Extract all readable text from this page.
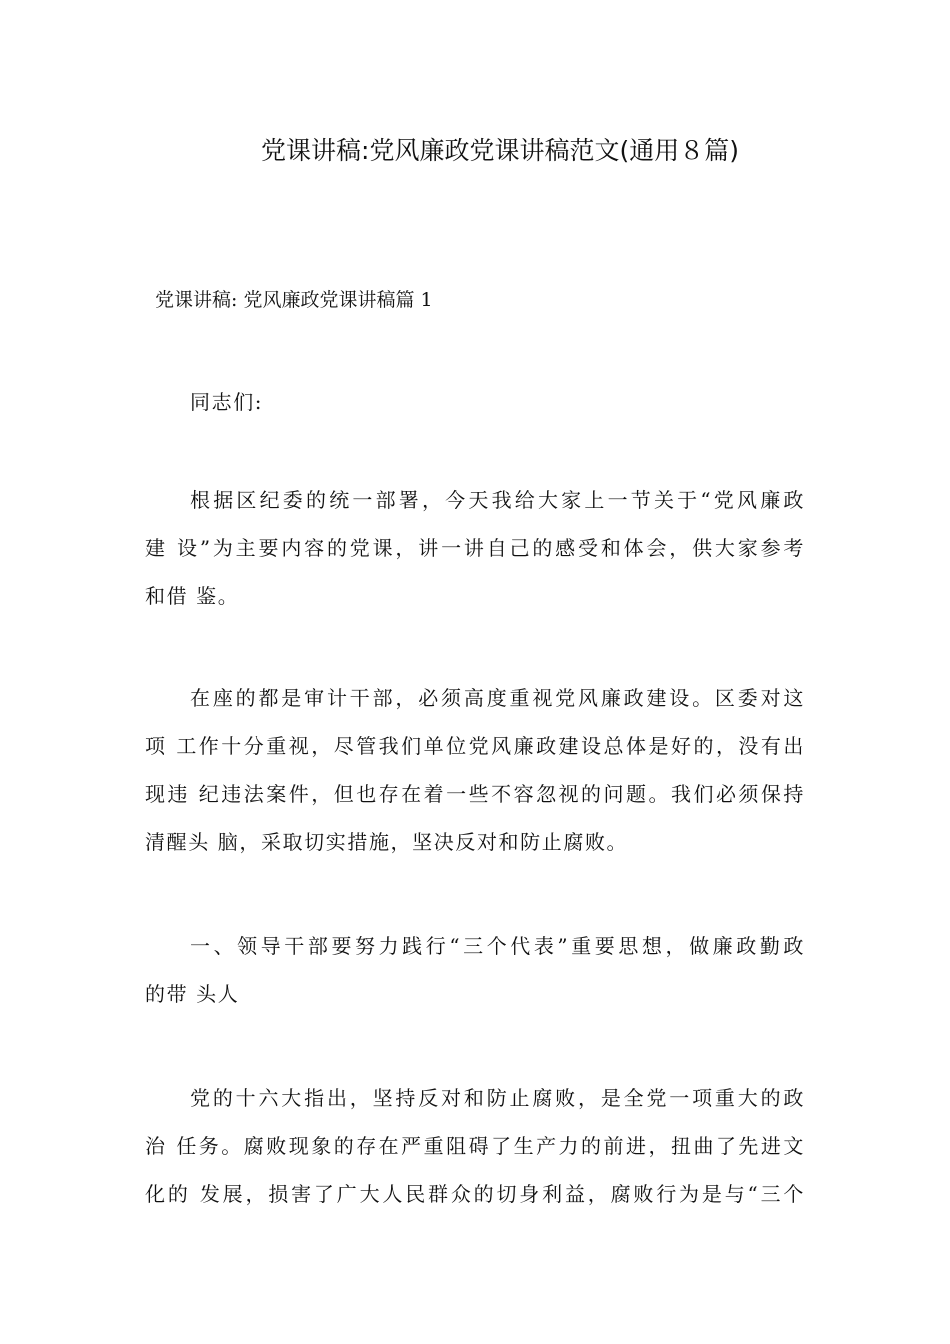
党课讲稿:党风廉政党课讲稿范文(通用８篇)
党课讲稿: 党风廉政党课讲稿篇 1
同志们:
根据区纪委的统一部署，今天我给大家上一节关于“党风廉政
建 设”为主要内容的党课，讲一讲自己的感受和体会，供大家参考
和借 鉴。
在座的都是审计干部，必须高度重视党风廉政建设。区委对这
项 工作十分重视，尽管我们单位党风廉政建设总体是好的，没有出
现违 纪违法案件，但也存在着一些不容忽视的问题。我们必须保持
清醒头 脑，采取切实措施，坚决反对和防止腐败。
一、领导干部要努力践行“三个代表”重要思想，做廉政勤政
的带 头人
党的十六大指出，坚持反对和防止腐败，是全党一项重大的政
治 任务。腐败现象的存在严重阻碍了生产力的前进，扭曲了先进文
化的 发展，损害了广大人民群众的切身利益，腐败行为是与“三个
